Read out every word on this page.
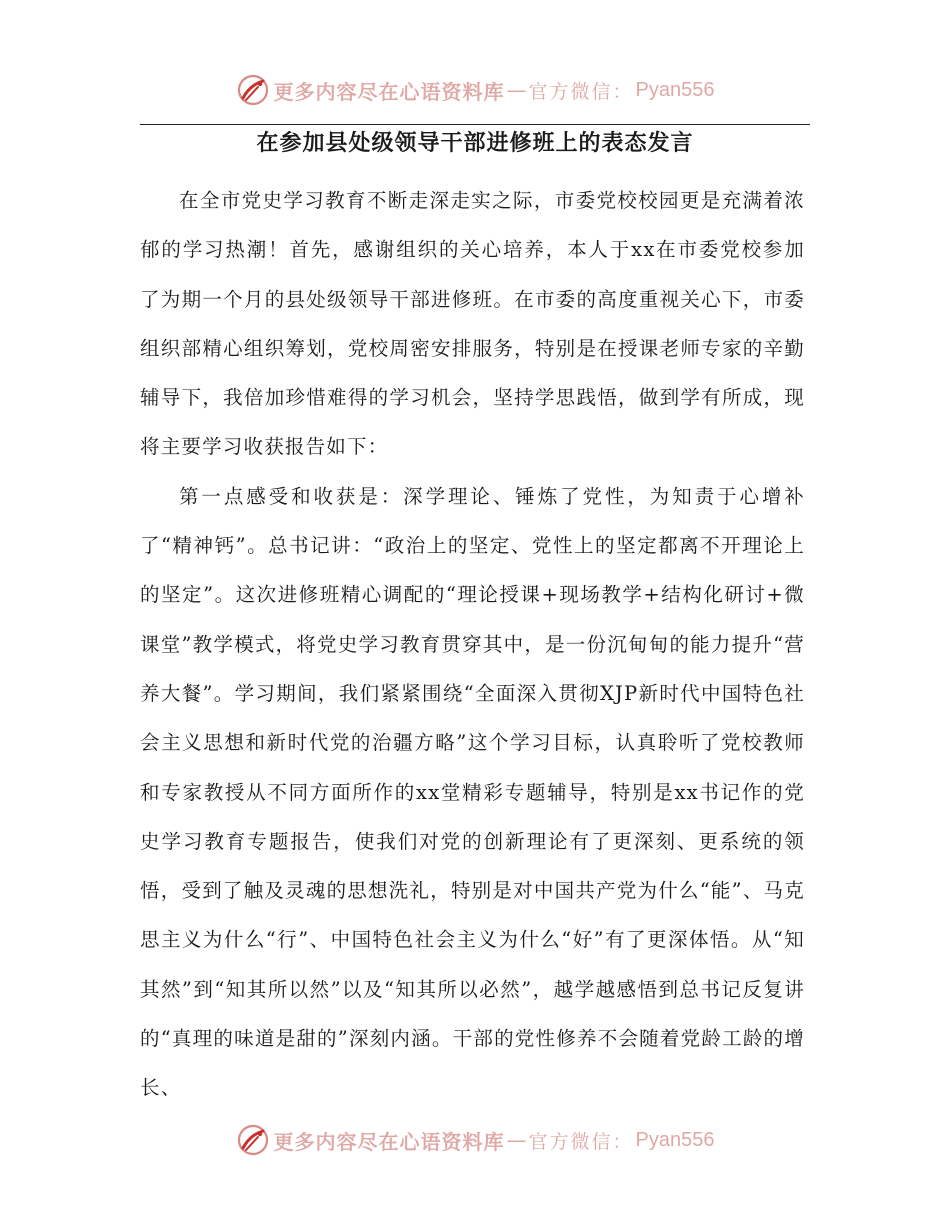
更多内容尽在心语资料库 — 官方微信： Pyan556
在参加县处级领导干部进修班上的表态发言

在全市党史学习教育不断走深走实之际，市委党校校园更是充满着浓郁的学习热潮！首先，感谢组织的关心培养，本人于xx在市委党校参加了为期一个月的县处级领导干部进修班。在市委的高度重视关心下，市委组织部精心组织筹划，党校周密安排服务，特别是在授课老师专家的辛勤辅导下，我倍加珍惜难得的学习机会，坚持学思践悟，做到学有所成，现将主要学习收获报告如下：

第一点感受和收获是：深学理论、锤炼了党性，为知责于心增补了“精神钙”。总书记讲：“政治上的坚定、党性上的坚定都离不开理论上的坚定”。这次进修班精心调配的“理论授课+现场教学+结构化研讨+微课堂”教学模式，将党史学习教育贯穿其中，是一份沉甸甸的能力提升“营养大餐”。学习期间，我们紧紧围绕“全面深入贯彻XJP新时代中国特色社会主义思想和新时代党的治疆方略”这个学习目标，认真聆听了党校教师和专家教授从不同方面所作的xx堂精彩专题辅导，特别是xx书记作的党史学习教育专题报告，使我们对党的创新理论有了更深刻、更系统的领悟，受到了触及灵魂的思想洗礼，特别是对中国共产党为什么“能”、马克思主义为什么“行”、中国特色社会主义为什么“好”有了更深体悟。从“知其然”到“知其所以然”以及“知其所以必然”，越学越感悟到总书记反复讲的“真理的味道是甜的”深刻内涵。干部的党性修养不会随着党龄工龄的增长、

更多内容尽在心语资料库 — 官方微信： Pyan556
